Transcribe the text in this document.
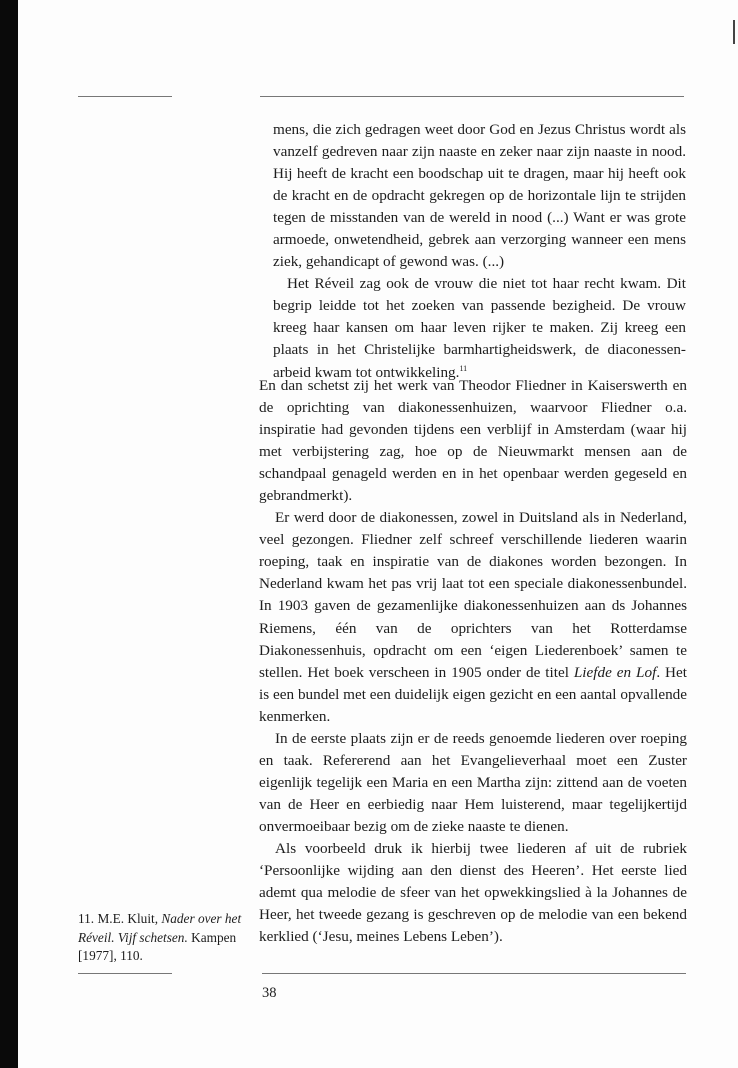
mens, die zich gedragen weet door God en Jezus Christus wordt als vanzelf gedreven naar zijn naaste en zeker naar zijn naaste in nood. Hij heeft de kracht een boodschap uit te dragen, maar hij heeft ook de kracht en de opdracht gekregen op de horizontale lijn te strijden tegen de misstanden van de wereld in nood (...) Want er was grote armoede, onwetendheid, gebrek aan verzorging wanneer een mens ziek, gehandicapt of gewond was. (...)

Het Réveil zag ook de vrouw die niet tot haar recht kwam. Dit begrip leidde tot het zoeken van passende bezigheid. De vrouw kreeg haar kansen om haar leven rijker te maken. Zij kreeg een plaats in het Christelijke barmhartigheidswerk, de diaconessen-arbeid kwam tot ontwikkeling.$^{11}$

En dan schetst zij het werk van Theodor Fliedner in Kaiserswerth en de oprichting van diakonessenhuizen, waarvoor Fliedner o.a. inspiratie had gevonden tijdens een verblijf in Amsterdam (waar hij met verbijstering zag, hoe op de Nieuwmarkt mensen aan de schandpaal genageld werden en in het openbaar werden gegeseld en gebrandmerkt).

Er werd door de diakonessen, zowel in Duitsland als in Nederland, veel gezongen. Fliedner zelf schreef verschillende liederen waarin roeping, taak en inspiratie van de diakones worden bezongen. In Nederland kwam het pas vrij laat tot een speciale diakonessenbundel. In 1903 gaven de gezamenlijke diakonessenhuizen aan ds Johannes Riemens, één van de oprichters van het Rotterdamse Diakonessenhuis, opdracht om een ‘eigen Liederenboek’ samen te stellen. Het boek verscheen in 1905 onder de titel Liefde en Lof. Het is een bundel met een duidelijk eigen gezicht en een aantal opvallende kenmerken.

In de eerste plaats zijn er de reeds genoemde liederen over roeping en taak. Refererend aan het Evangelieverhaal moet een Zuster eigenlijk tegelijk een Maria en een Martha zijn: zittend aan de voeten van de Heer en eerbiedig naar Hem luisterend, maar tegelijkertijd onvermoeibaar bezig om de zieke naaste te dienen.

Als voorbeeld druk ik hierbij twee liederen af uit de rubriek ‘Persoonlijke wijding aan den dienst des Heeren’. Het eerste lied ademt qua melodie de sfeer van het opwekkingslied à la Johannes de Heer, het tweede gezang is geschreven op de melodie van een bekend kerklied (‘Jesu, meines Lebens Leben’).

11. M.E. Kluit, Nader over het Réveil. Vijf schetsen. Kampen [1977], 110.
38
